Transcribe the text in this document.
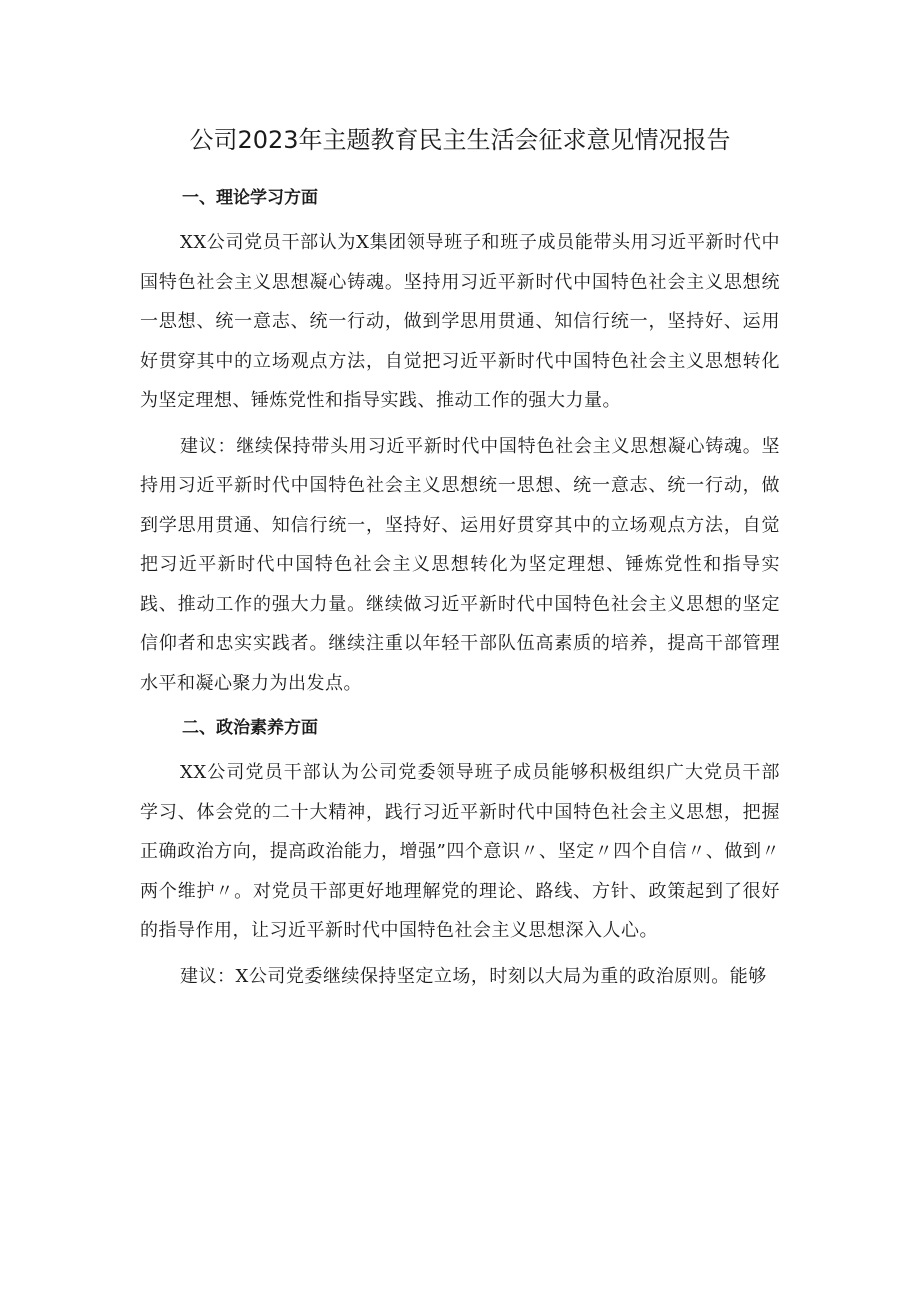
公司2023年主题教育民主生活会征求意见情况报告
一、理论学习方面

XX公司党员干部认为X集团领导班子和班子成员能带头用习近平新时代中国特色社会主义思想凝心铸魂。坚持用习近平新时代中国特色社会主义思想统一思想、统一意志、统一行动，做到学思用贯通、知信行统一，坚持好、运用好贯穿其中的立场观点方法，自觉把习近平新时代中国特色社会主义思想转化为坚定理想、锤炼党性和指导实践、推动工作的强大力量。

建议：继续保持带头用习近平新时代中国特色社会主义思想凝心铸魂。坚持用习近平新时代中国特色社会主义思想统一思想、统一意志、统一行动，做到学思用贯通、知信行统一，坚持好、运用好贯穿其中的立场观点方法，自觉把习近平新时代中国特色社会主义思想转化为坚定理想、锤炼党性和指导实践、推动工作的强大力量。继续做习近平新时代中国特色社会主义思想的坚定信仰者和忠实实践者。继续注重以年轻干部队伍高素质的培养，提高干部管理水平和凝心聚力为出发点。

二、政治素养方面

XX公司党员干部认为公司党委领导班子成员能够积极组织广大党员干部学习、体会党的二十大精神，践行习近平新时代中国特色社会主义思想，把握正确政治方向，提高政治能力，增强”四个意识〃、坚定〃四个自信〃、做到〃两个维护〃。对党员干部更好地理解党的理论、路线、方针、政策起到了很好的指导作用，让习近平新时代中国特色社会主义思想深入人心。

建议：X公司党委继续保持坚定立场，时刻以大局为重的政治原则。能够
